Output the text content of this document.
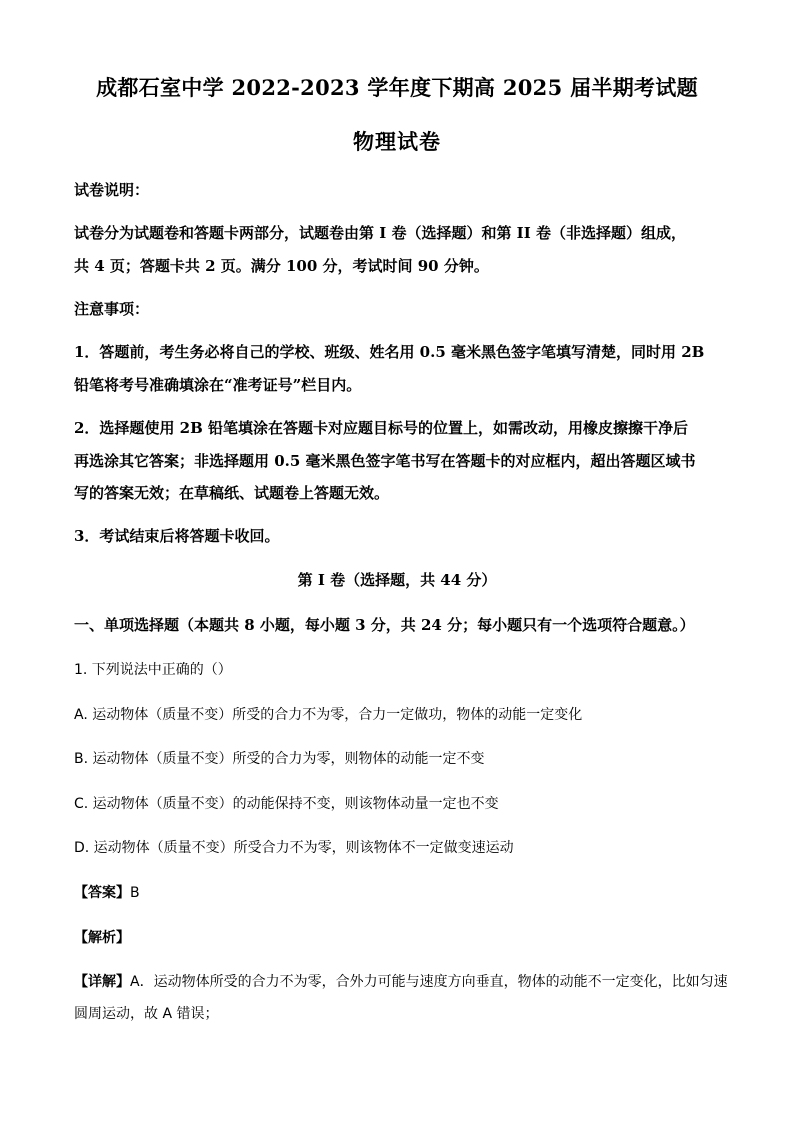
成都石室中学 2022-2023 学年度下期高 2025 届半期考试题
物理试卷
试卷说明：
试卷分为试题卷和答题卡两部分，试题卷由第 I 卷（选择题）和第 II 卷（非选择题）组成，
共 4 页；答题卡共 2 页。满分 100 分，考试时间 90 分钟。
注意事项：
1．答题前，考生务必将自己的学校、班级、姓名用 0.5 毫米黑色签字笔填写清楚，同时用 2B
铅笔将考号准确填涂在“准考证号”栏目内。
2．选择题使用 2B 铅笔填涂在答题卡对应题目标号的位置上，如需改动，用橡皮擦擦干净后
再选涂其它答案；非选择题用 0.5 毫米黑色签字笔书写在答题卡的对应框内，超出答题区域书
写的答案无效；在草稿纸、试题卷上答题无效。
3．考试结束后将答题卡收回。
第 I 卷（选择题，共 44 分）
一、单项选择题（本题共 8 小题，每小题 3 分，共 24 分；每小题只有一个选项符合题意。）
1. 下列说法中正确的（）
A. 运动物体（质量不变）所受的合力不为零，合力一定做功，物体的动能一定变化
B. 运动物体（质量不变）所受的合力为零，则物体的动能一定不变
C. 运动物体（质量不变）的动能保持不变，则该物体动量一定也不变
D. 运动物体（质量不变）所受合力不为零，则该物体不一定做变速运动
【答案】B
【解析】
【详解】A．运动物体所受的合力不为零，合外力可能与速度方向垂直，物体的动能不一定变化，比如匀速
圆周运动，故 A 错误；
